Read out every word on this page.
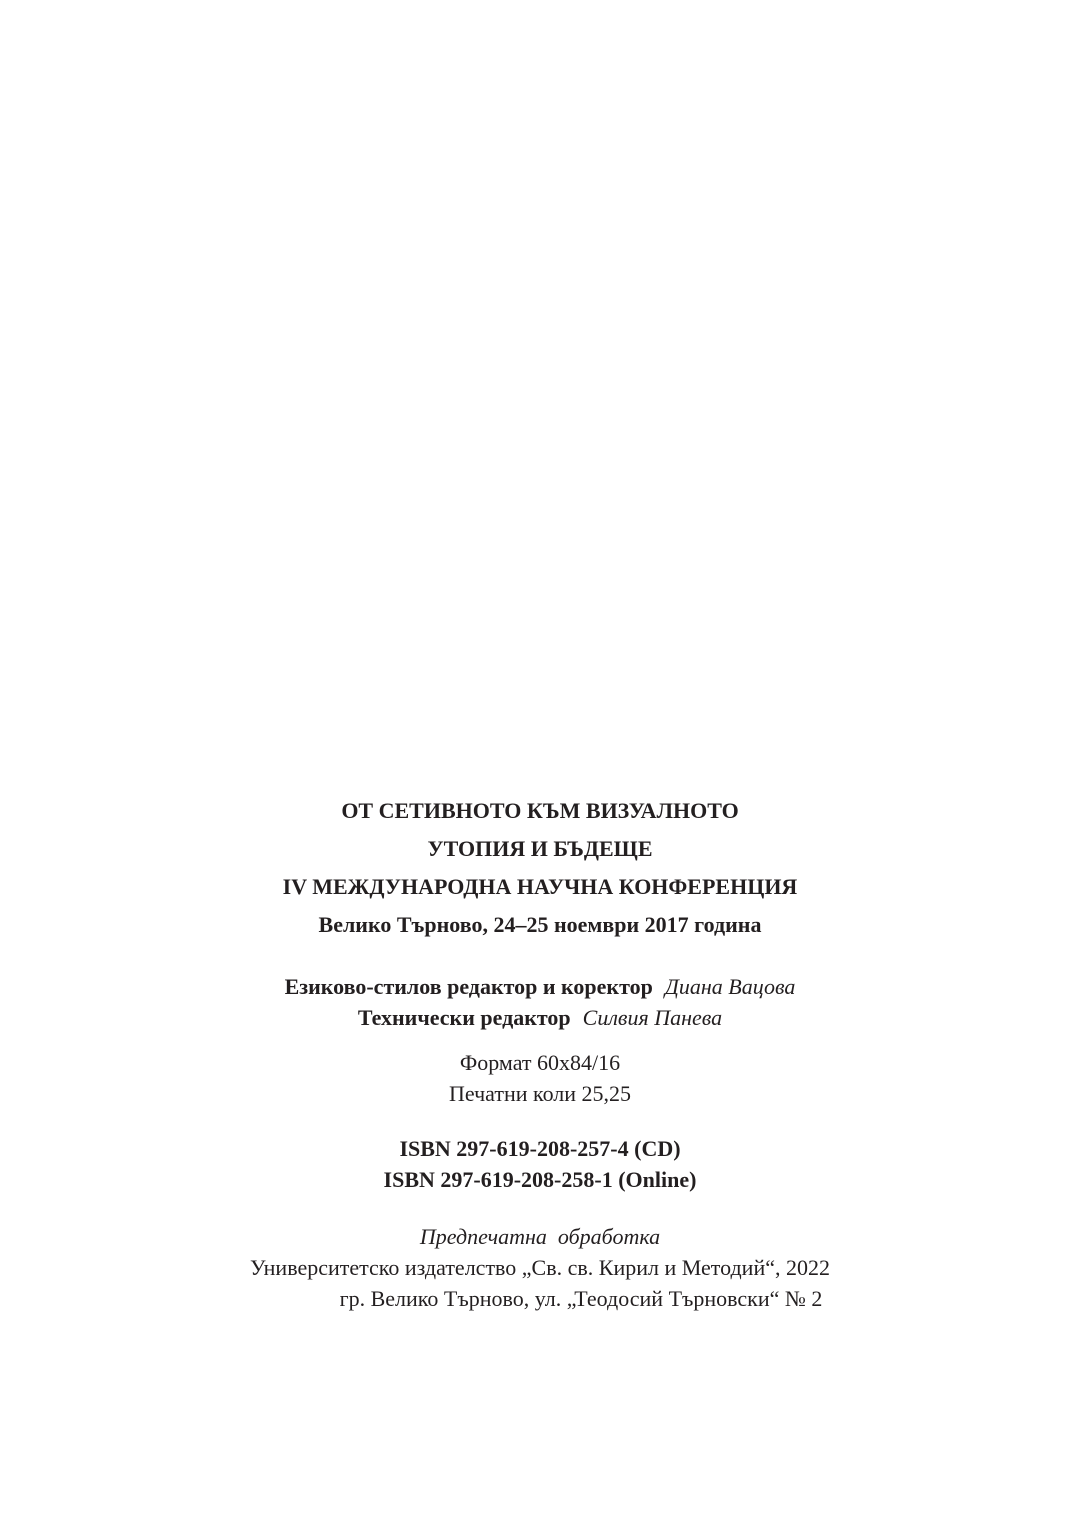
ОТ СЕТИВНОТО КЪМ ВИЗУАЛНОТО
УТОПИЯ И БЪДЕЩЕ
IV МЕЖДУНАРОДНА НАУЧНА КОНФЕРЕНЦИЯ
Велико Търново, 24–25 ноември 2017 година
Езиково-стилов редактор и коректор Диана Вацова
Технически редактор Силвия Панева
Формат 60x84/16
Печатни коли 25,25
ISBN 297-619-208-257-4 (CD)
ISBN 297-619-208-258-1 (Online)
Предпечатна  обработка
Университетско издателство „Св. св. Кирил и Методий“, 2022
гр. Велико Търново, ул. „Теодосий Търновски“ № 2
